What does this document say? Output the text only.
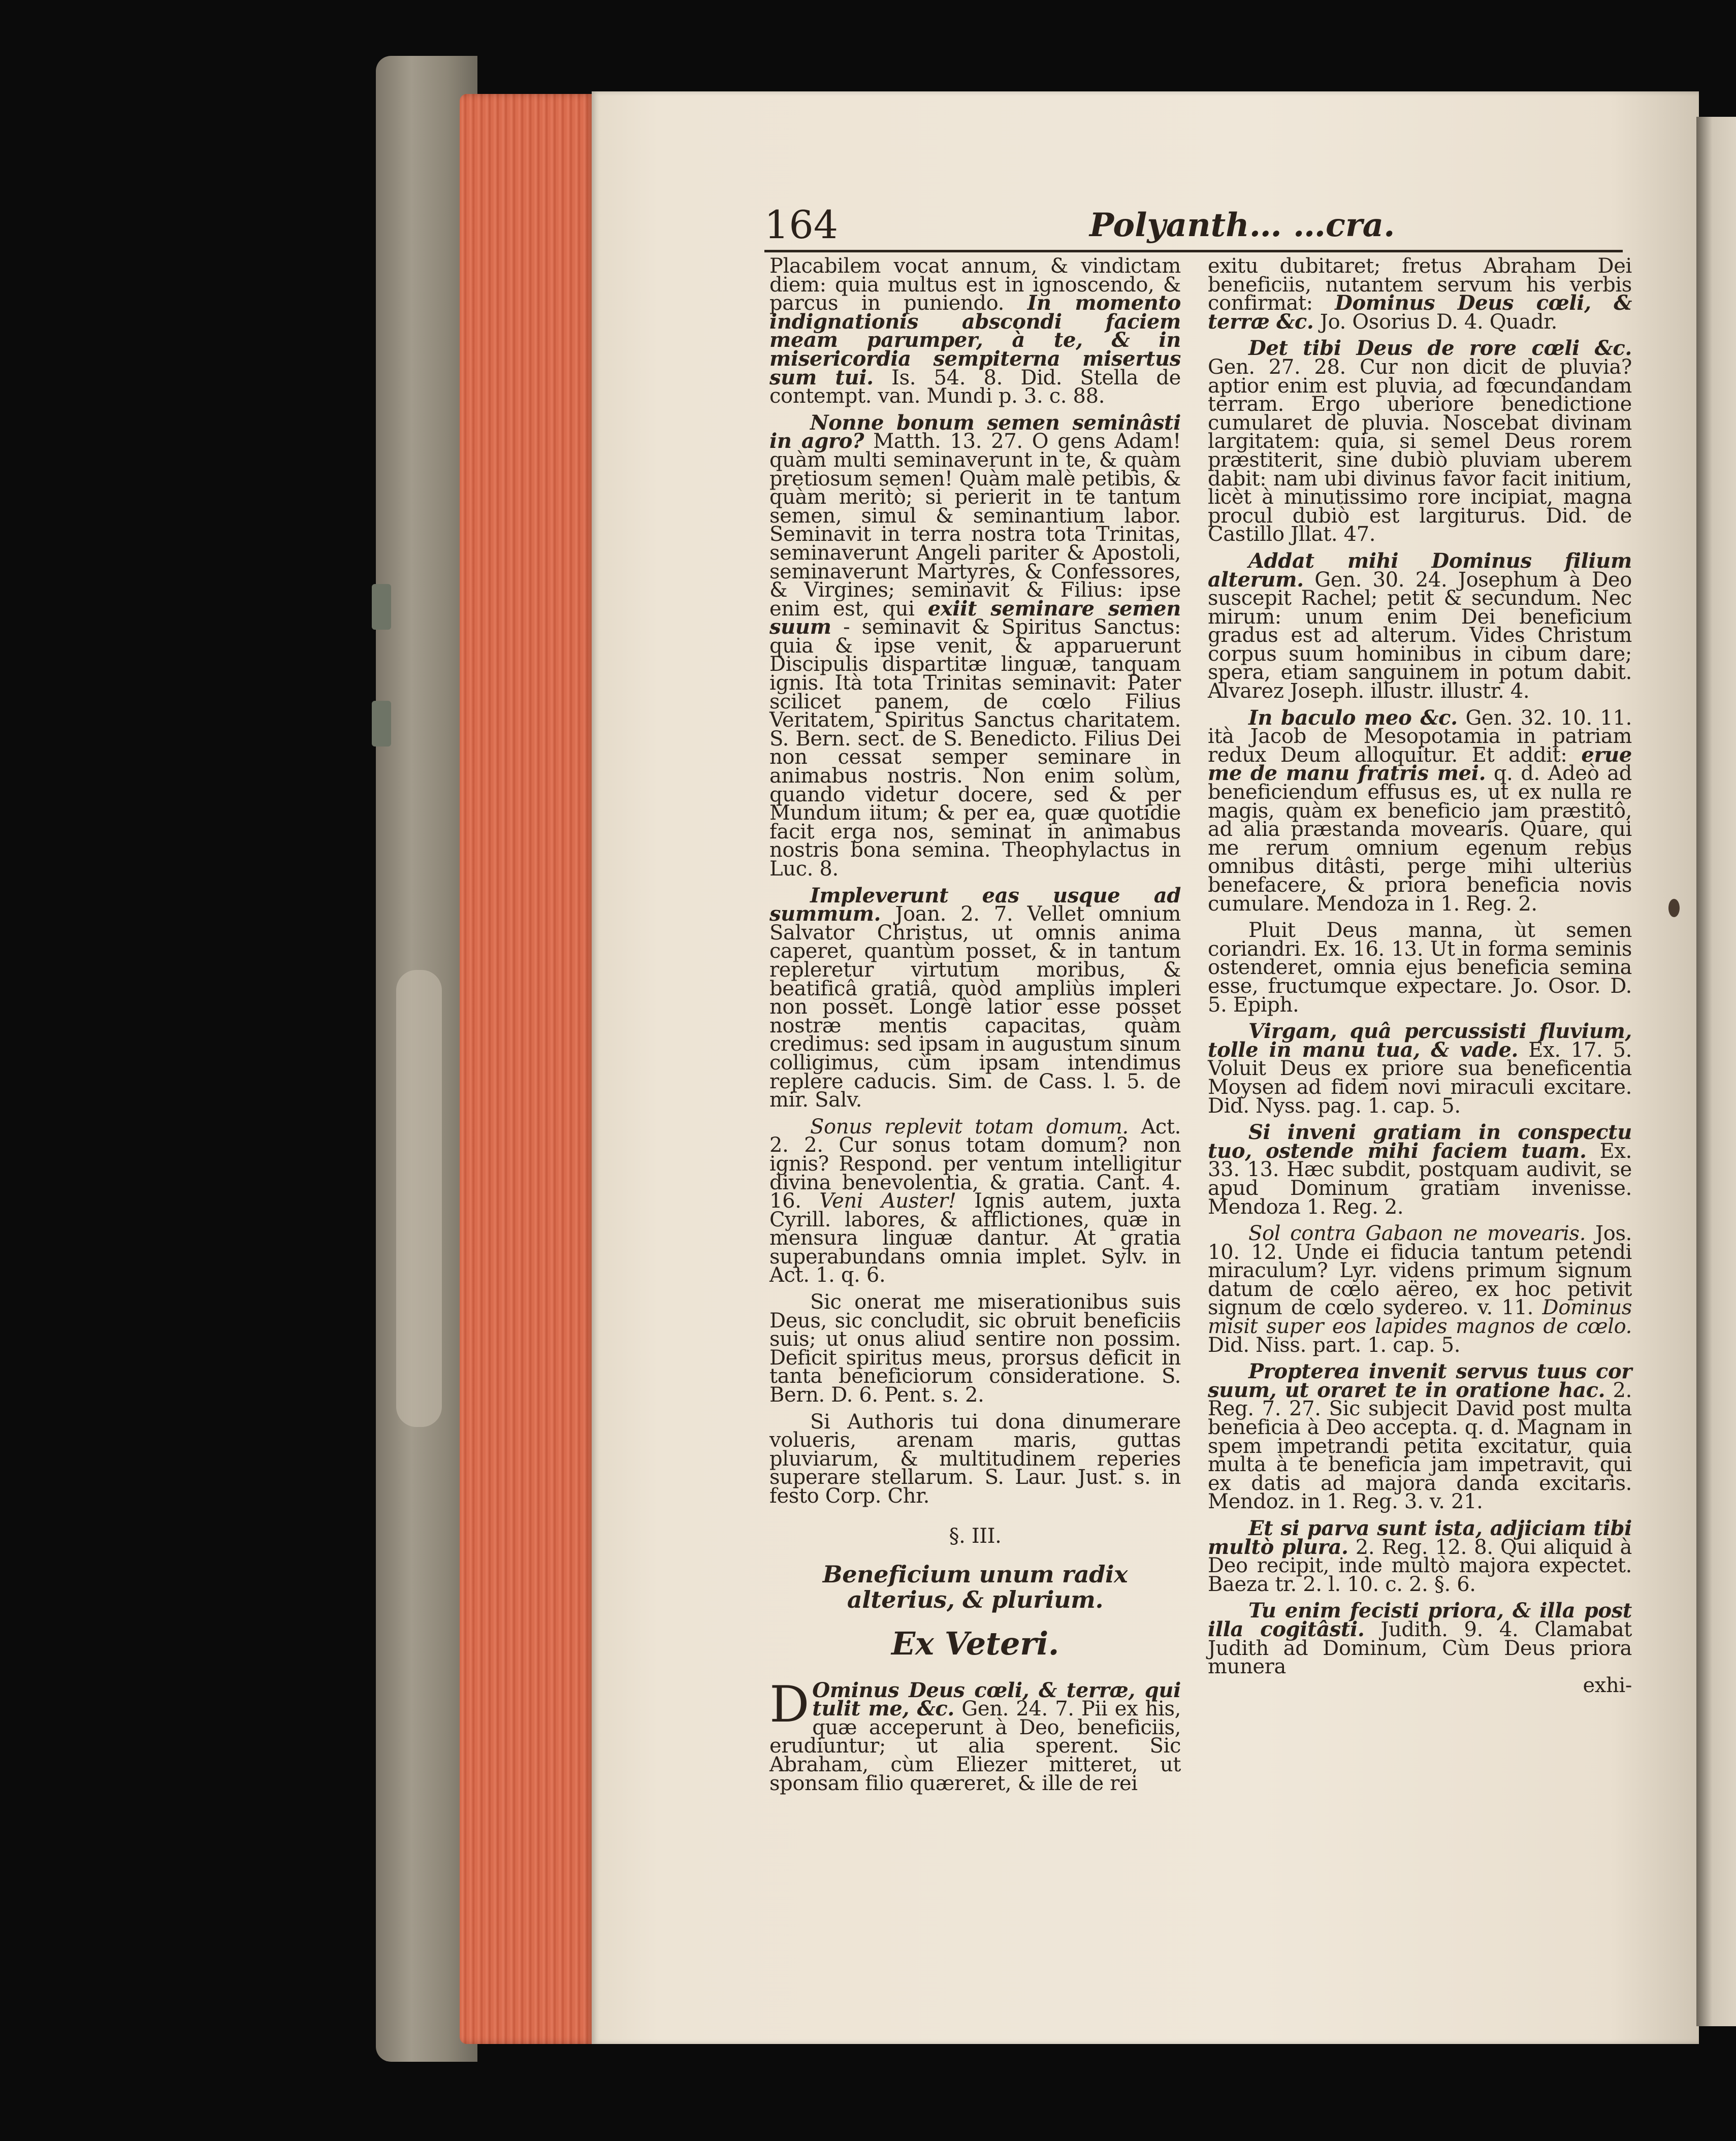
164	Polyanth… …cra.

Placabilem vocat annum, & vindictam diem: quia multus est in ignoscendo, & parcus in puniendo. In momento indignationis abscondi faciem meam parumper, à te, & in misericordia sempiterna misertus sum tui. Is. 54. 8. Did. Stella de contempt. van. Mundi p. 3. c. 88.

Nonne bonum semen seminâsti in agro? Matth. 13. 27. O gens Adam! quàm multi seminaverunt in te, & quàm pretiosum semen! Quàm malè petibis, & quàm meritò; si perierit in te tantum semen, simul & seminantium labor. Seminavit in terra nostra tota Trinitas, seminaverunt Angeli pariter & Apostoli, seminaverunt Martyres, & Confessores, & Virgines; seminavit & Filius: ipse enim est, qui exiit seminare semen suum - seminavit & Spiritus Sanctus: quia & ipse venit, & apparuerunt Discipulis dispartitæ linguæ, tanquam ignis. Ità tota Trinitas seminavit: Pater scilicet panem, de cœlo Filius Veritatem, Spiritus Sanctus charitatem. S. Bern. sect. de S. Benedicto. Filius Dei non cessat semper seminare in animabus nostris. Non enim solùm, quando videtur docere, sed & per Mundum iitum; & per ea, quæ quotidie facit erga nos, seminat in animabus nostris bona semina. Theophylactus in Luc. 8.

Impleverunt eas usque ad summum. Joan. 2. 7. Vellet omnium Salvator Christus, ut omnis anima caperet, quantùm posset, & in tantum repleretur virtutum moribus, & beatificâ gratiâ, quòd ampliùs impleri non posset. Longè latior esse posset nostræ mentis capacitas, quàm credimus: sed ipsam in augustum sinum colligimus, cùm ipsam intendimus replere caducis. Sim. de Cass. l. 5. de mir. Salv.

Sonus replevit totam domum. Act. 2. 2. Cur sonus totam domum? non ignis? Respond. per ventum intelligitur divina benevolentia, & gratia. Cant. 4. 16. Veni Auster! Ignis autem, juxta Cyrill. labores, & afflictiones, quæ in mensura linguæ dantur. At gratia superabundans omnia implet. Sylv. in Act. 1. q. 6.

Sic onerat me miserationibus suis Deus, sic concludit, sic obruit beneficiis suis; ut onus aliud sentire non possim. Deficit spiritus meus, prorsus deficit in tanta beneficiorum consideratione. S. Bern. D. 6. Pent. s. 2.

Si Authoris tui dona dinumerare volueris, arenam maris, guttas pluviarum, & multitudinem reperies superare stellarum. S. Laur. Just. s. in festo Corp. Chr.

§. III.
Beneficium unum radix alterius, & plurium.
Ex Veteri.

D Ominus Deus cœli, & terræ, qui tulit me, &c. Gen. 24. 7. Pii ex his, quæ acceperunt à Deo, beneficiis, erudiuntur; ut alia sperent. Sic Abraham, cùm Eliezer mitteret, ut sponsam filio quæreret, & ille de rei

exitu dubitaret; fretus Abraham Dei beneficiis, nutantem servum his verbis confirmat: Dominus Deus cœli, & terræ &c. Jo. Osorius D. 4. Quadr.

Det tibi Deus de rore cœli &c. Gen. 27. 28. Cur non dicit de pluvia? aptior enim est pluvia, ad fœcundandam terram. Ergo uberiore benedictione cumularet de pluvia. Noscebat divinam largitatem: quia, si semel Deus rorem præstiterit, sine dubiò pluviam uberem dabit: nam ubi divinus favor facit initium, licèt à minutissimo rore incipiat, magna procul dubiò est largiturus. Did. de Castillo Jllat. 47.

Addat mihi Dominus filium alterum. Gen. 30. 24. Josephum à Deo suscepit Rachel; petit & secundum. Nec mirum: unum enim Dei beneficium gradus est ad alterum. Vides Christum corpus suum hominibus in cibum dare; spera, etiam sanguinem in potum dabit. Alvarez Joseph. illustr. illustr. 4.

In baculo meo &c. Gen. 32. 10. 11. ità Jacob de Mesopotamia in patriam redux Deum alloquitur. Et addit: erue me de manu fratris mei. q. d. Adeò ad beneficiendum effusus es, ut ex nulla re magis, quàm ex beneficio jam præstitô, ad alia præstanda movearis. Quare, qui me rerum omnium egenum rebus omnibus ditâsti, perge mihi ulteriùs benefacere, & priora beneficia novis cumulare. Mendoza in 1. Reg. 2.

Pluit Deus manna, ùt semen coriandri. Ex. 16. 13. Ut in forma seminis ostenderet, omnia ejus beneficia semina esse, fructumque expectare. Jo. Osor. D. 5. Epiph.

Virgam, quâ percussisti fluvium, tolle in manu tua, & vade. Ex. 17. 5. Voluit Deus ex priore sua beneficentia Moysen ad fidem novi miraculi excitare. Did. Nyss. pag. 1. cap. 5.

Si inveni gratiam in conspectu tuo, ostende mihi faciem tuam. Ex. 33. 13. Hæc subdit, postquam audivit, se apud Dominum gratiam invenisse. Mendoza 1. Reg. 2.

Sol contra Gabaon ne movearis. Jos. 10. 12. Unde ei fiducia tantum petendi miraculum? Lyr. videns primum signum datum de cœlo aëreo, ex hoc petivit signum de cœlo sydereo. v. 11. Dominus misit super eos lapides magnos de cœlo. Did. Niss. part. 1. cap. 5.

Propterea invenit servus tuus cor suum, ut oraret te in oratione hac. 2. Reg. 7. 27. Sic subjecit David post multa beneficia à Deo accepta. q. d. Magnam in spem impetrandi petita excitatur, quia multa à te beneficia jam impetravit, qui ex datis ad majora danda excitaris. Mendoz. in 1. Reg. 3. v. 21.

Et si parva sunt ista, adjiciam tibi multò plura. 2. Reg. 12. 8. Qui aliquid à Deo recipit, inde multò majora expectet. Baeza tr. 2. l. 10. c. 2. §. 6.

Tu enim fecisti priora, & illa post illa cogitâsti. Judith. 9. 4. Clamabat Judith ad Dominum, Cùm Deus priora munera

exhi-
